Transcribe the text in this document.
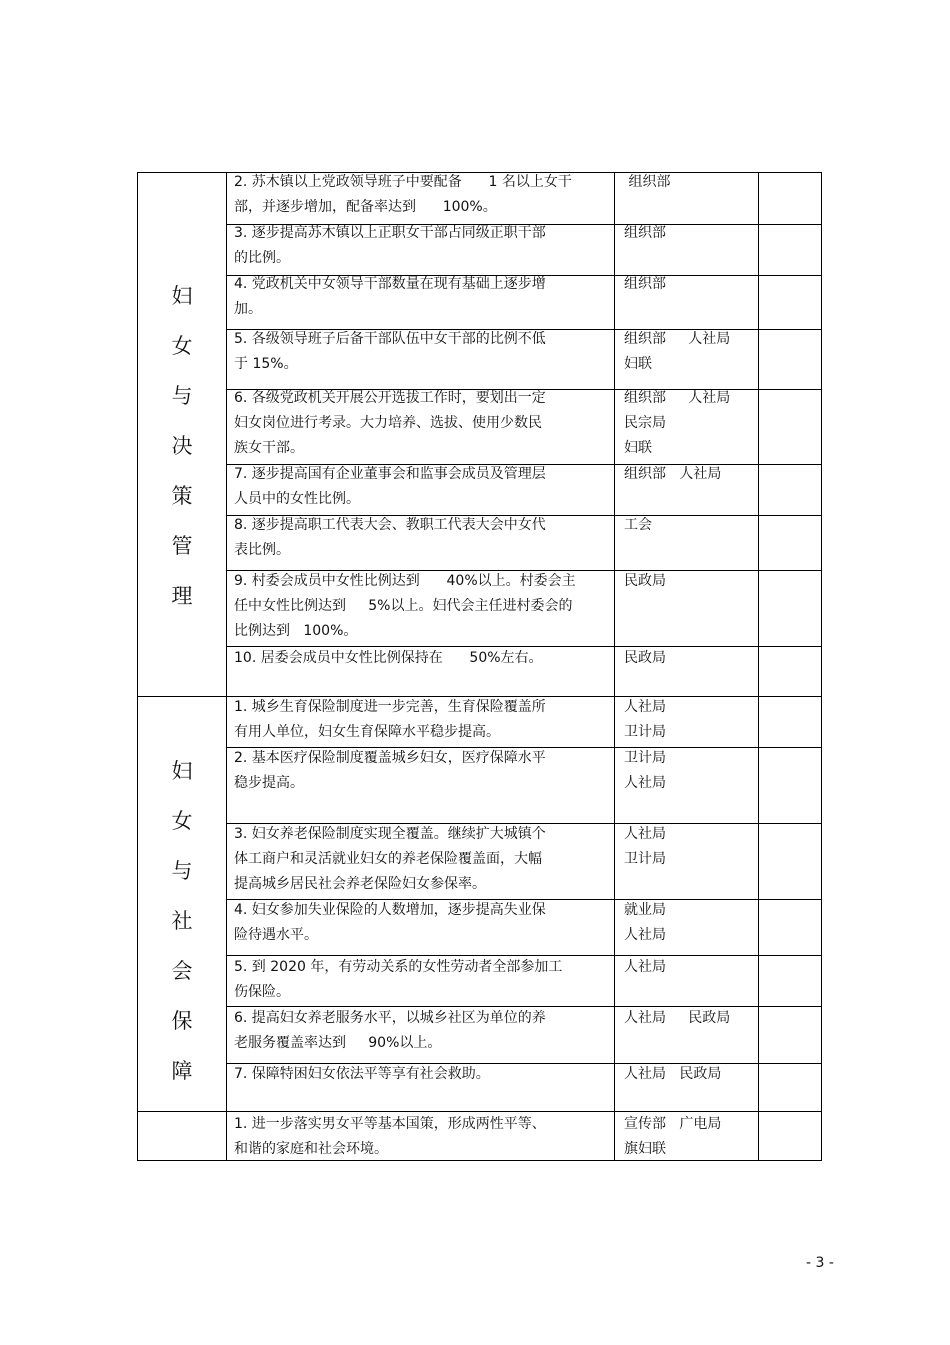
妇
女
与
决
策
管
理
妇
女
与
社
会
保
障
2. 苏木镇以上党政领导班子中要配备      1 名以上女干
部，并逐步增加，配备率达到      100%。
组织部
3. 逐步提高苏木镇以上正职女干部占同级正职干部
的比例。
组织部
4. 党政机关中女领导干部数量在现有基础上逐步增
加。
组织部
5. 各级领导班子后备干部队伍中女干部的比例不低
于 15%。
组织部     人社局
妇联
6. 各级党政机关开展公开选拔工作时，要划出一定
妇女岗位进行考录。大力培养、选拔、使用少数民
族女干部。
组织部     人社局
民宗局
妇联
7. 逐步提高国有企业董事会和监事会成员及管理层
人员中的女性比例。
组织部   人社局
8. 逐步提高职工代表大会、教职工代表大会中女代
表比例。
工会
9. 村委会成员中女性比例达到      40%以上。村委会主
任中女性比例达到     5%以上。妇代会主任进村委会的
比例达到   100%。
民政局
10. 居委会成员中女性比例保持在      50%左右。	民政局
1. 城乡生育保险制度进一步完善，生育保险覆盖所
有用人单位，妇女生育保障水平稳步提高。
人社局
卫计局
2. 基本医疗保险制度覆盖城乡妇女，医疗保障水平
稳步提高。
卫计局
人社局
3. 妇女养老保险制度实现全覆盖。继续扩大城镇个
体工商户和灵活就业妇女的养老保险覆盖面，大幅
提高城乡居民社会养老保险妇女参保率。
人社局
卫计局
4. 妇女参加失业保险的人数增加，逐步提高失业保
险待遇水平。
就业局
人社局
5. 到 2020 年，有劳动关系的女性劳动者全部参加工
伤保险。
人社局
6. 提高妇女养老服务水平，以城乡社区为单位的养
老服务覆盖率达到     90%以上。
人社局     民政局
7. 保障特困妇女依法平等享有社会救助。	人社局   民政局
1. 进一步落实男女平等基本国策，形成两性平等、
和谐的家庭和社会环境。
宣传部   广电局
旗妇联
- 3 -
